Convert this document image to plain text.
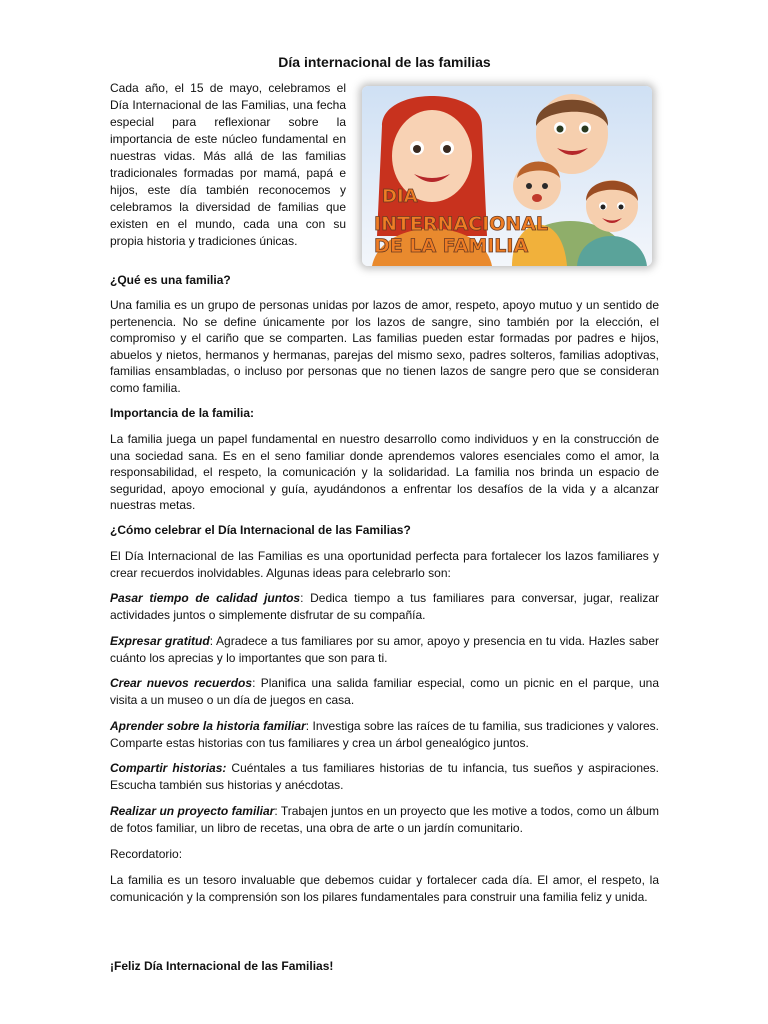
Día internacional de las familias

Cada año, el 15 de mayo, celebramos el Día Internacional de las Familias, una fecha especial para reflexionar sobre la importancia de este núcleo fundamental en nuestras vidas. Más allá de las familias tradicionales formadas por mamá, papá e hijos, este día también reconocemos y celebramos la diversidad de familias que existen en el mundo, cada una con su propia historia y tradiciones únicas.

DIA
INTERNACIONAL
DE LA FAMILIA
¿Qué es una familia?

Una familia es un grupo de personas unidas por lazos de amor, respeto, apoyo mutuo y un sentido de pertenencia. No se define únicamente por los lazos de sangre, sino también por la elección, el compromiso y el cariño que se comparten. Las familias pueden estar formadas por padres e hijos, abuelos y nietos, hermanos y hermanas, parejas del mismo sexo, padres solteros, familias adoptivas, familias ensambladas, o incluso por personas que no tienen lazos de sangre pero que se consideran como familia.

Importancia de la familia:

La familia juega un papel fundamental en nuestro desarrollo como individuos y en la construcción de una sociedad sana. Es en el seno familiar donde aprendemos valores esenciales como el amor, la responsabilidad, el respeto, la comunicación y la solidaridad. La familia nos brinda un espacio de seguridad, apoyo emocional y guía, ayudándonos a enfrentar los desafíos de la vida y a alcanzar nuestras metas.

¿Cómo celebrar el Día Internacional de las Familias?

El Día Internacional de las Familias es una oportunidad perfecta para fortalecer los lazos familiares y crear recuerdos inolvidables. Algunas ideas para celebrarlo son:

Pasar tiempo de calidad juntos: Dedica tiempo a tus familiares para conversar, jugar, realizar actividades juntos o simplemente disfrutar de su compañía.

Expresar gratitud: Agradece a tus familiares por su amor, apoyo y presencia en tu vida. Hazles saber cuánto los aprecias y lo importantes que son para ti.

Crear nuevos recuerdos: Planifica una salida familiar especial, como un picnic en el parque, una visita a un museo o un día de juegos en casa.

Aprender sobre la historia familiar: Investiga sobre las raíces de tu familia, sus tradiciones y valores. Comparte estas historias con tus familiares y crea un árbol genealógico juntos.

Compartir historias: Cuéntales a tus familiares historias de tu infancia, tus sueños y aspiraciones. Escucha también sus historias y anécdotas.

Realizar un proyecto familiar: Trabajen juntos en un proyecto que les motive a todos, como un álbum de fotos familiar, un libro de recetas, una obra de arte o un jardín comunitario.

Recordatorio:

La familia es un tesoro invaluable que debemos cuidar y fortalecer cada día. El amor, el respeto, la comunicación y la comprensión son los pilares fundamentales para construir una familia feliz y unida.

¡Feliz Día Internacional de las Familias!
